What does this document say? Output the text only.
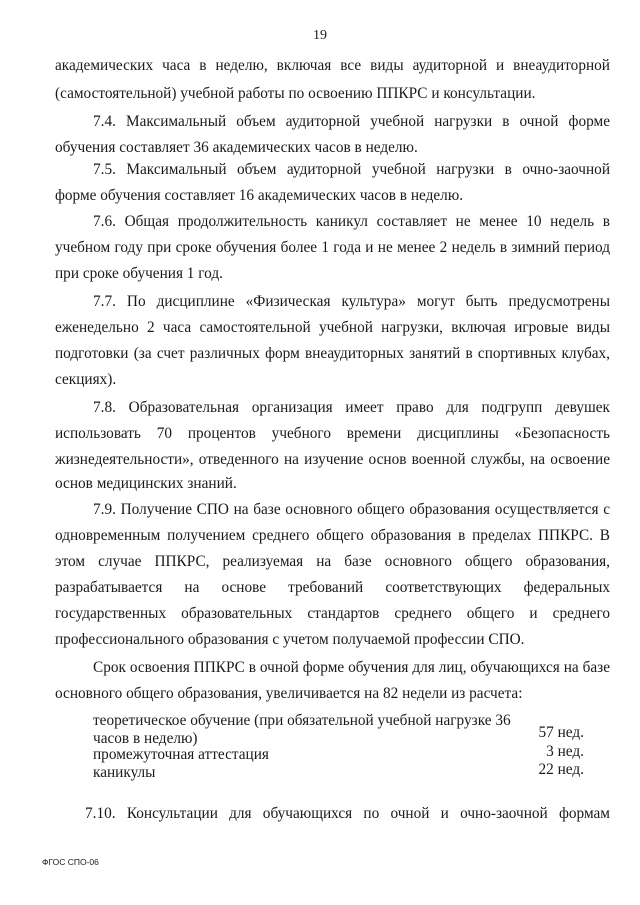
19
академических часа в неделю, включая все виды аудиторной и внеаудиторной
(самостоятельной) учебной работы по освоению ППКРС и консультации.
7.4. Максимальный объем аудиторной учебной нагрузки в очной форме
обучения составляет 36 академических часов в неделю.
7.5. Максимальный объем аудиторной учебной нагрузки в очно-заочной
форме обучения составляет 16 академических часов в неделю.
7.6. Общая продолжительность каникул составляет не менее 10 недель в
учебном году при сроке обучения более 1 года и не менее 2 недель в зимний период
при сроке обучения 1 год.
7.7. По дисциплине «Физическая культура» могут быть предусмотрены
еженедельно 2 часа самостоятельной учебной нагрузки, включая игровые виды
подготовки (за счет различных форм внеаудиторных занятий в спортивных клубах,
секциях).
7.8. Образовательная организация имеет право для подгрупп девушек
использовать 70 процентов учебного времени дисциплины «Безопасность
жизнедеятельности», отведенного на изучение основ военной службы, на освоение
основ медицинских знаний.
7.9. Получение СПО на базе основного общего образования осуществляется с
одновременным получением среднего общего образования в пределах ППКРС. В
этом случае ППКРС, реализуемая на базе основного общего образования,
разрабатывается на основе требований соответствующих федеральных
государственных образовательных стандартов среднего общего и среднего
профессионального образования с учетом получаемой профессии СПО.
Срок освоения ППКРС в очной форме обучения для лиц, обучающихся на базе
основного общего образования, увеличивается на 82 недели из расчета:
теоретическое обучение (при обязательной учебной нагрузке 36
часов в неделю)	57 нед.
промежуточная аттестация	3 нед.
каникулы	22 нед.
7.10. Консультации для обучающихся по очной и очно-заочной формам
ФГОС СПО-06
